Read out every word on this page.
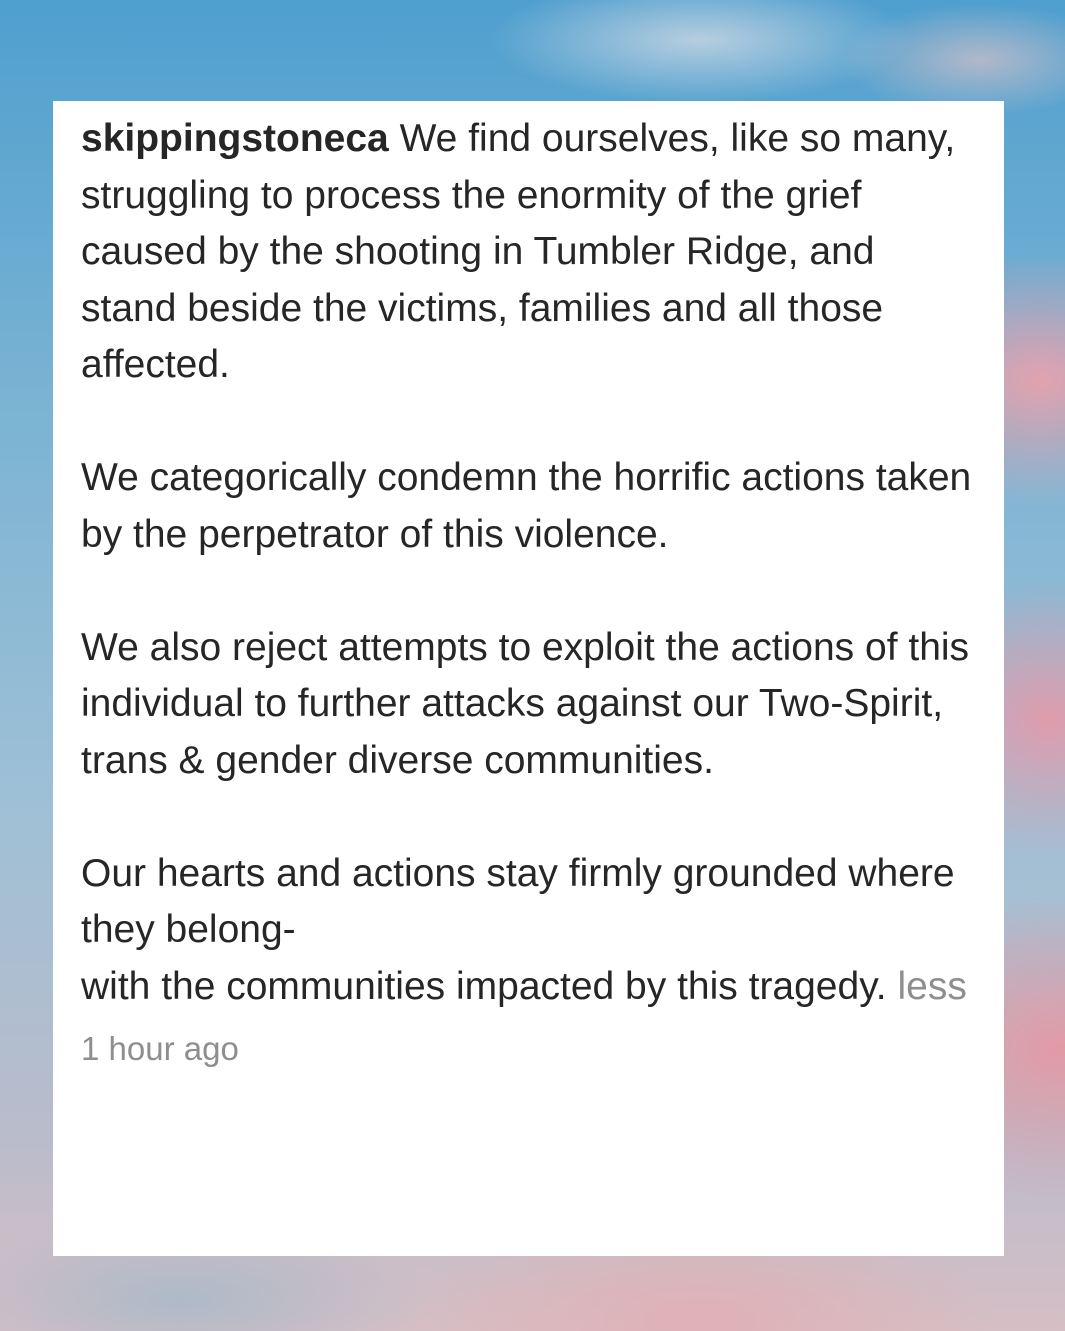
skippingstoneca We find ourselves, like so many, struggling to process the enormity of the grief caused by the shooting in Tumbler Ridge, and stand beside the victims, families and all those affected.

We categorically condemn the horrific actions taken by the perpetrator of this violence.

We also reject attempts to exploit the actions of this individual to further attacks against our Two-Spirit, trans & gender diverse communities.

Our hearts and actions stay firmly grounded where they belong-
with the communities impacted by this tragedy. less

1 hour ago
